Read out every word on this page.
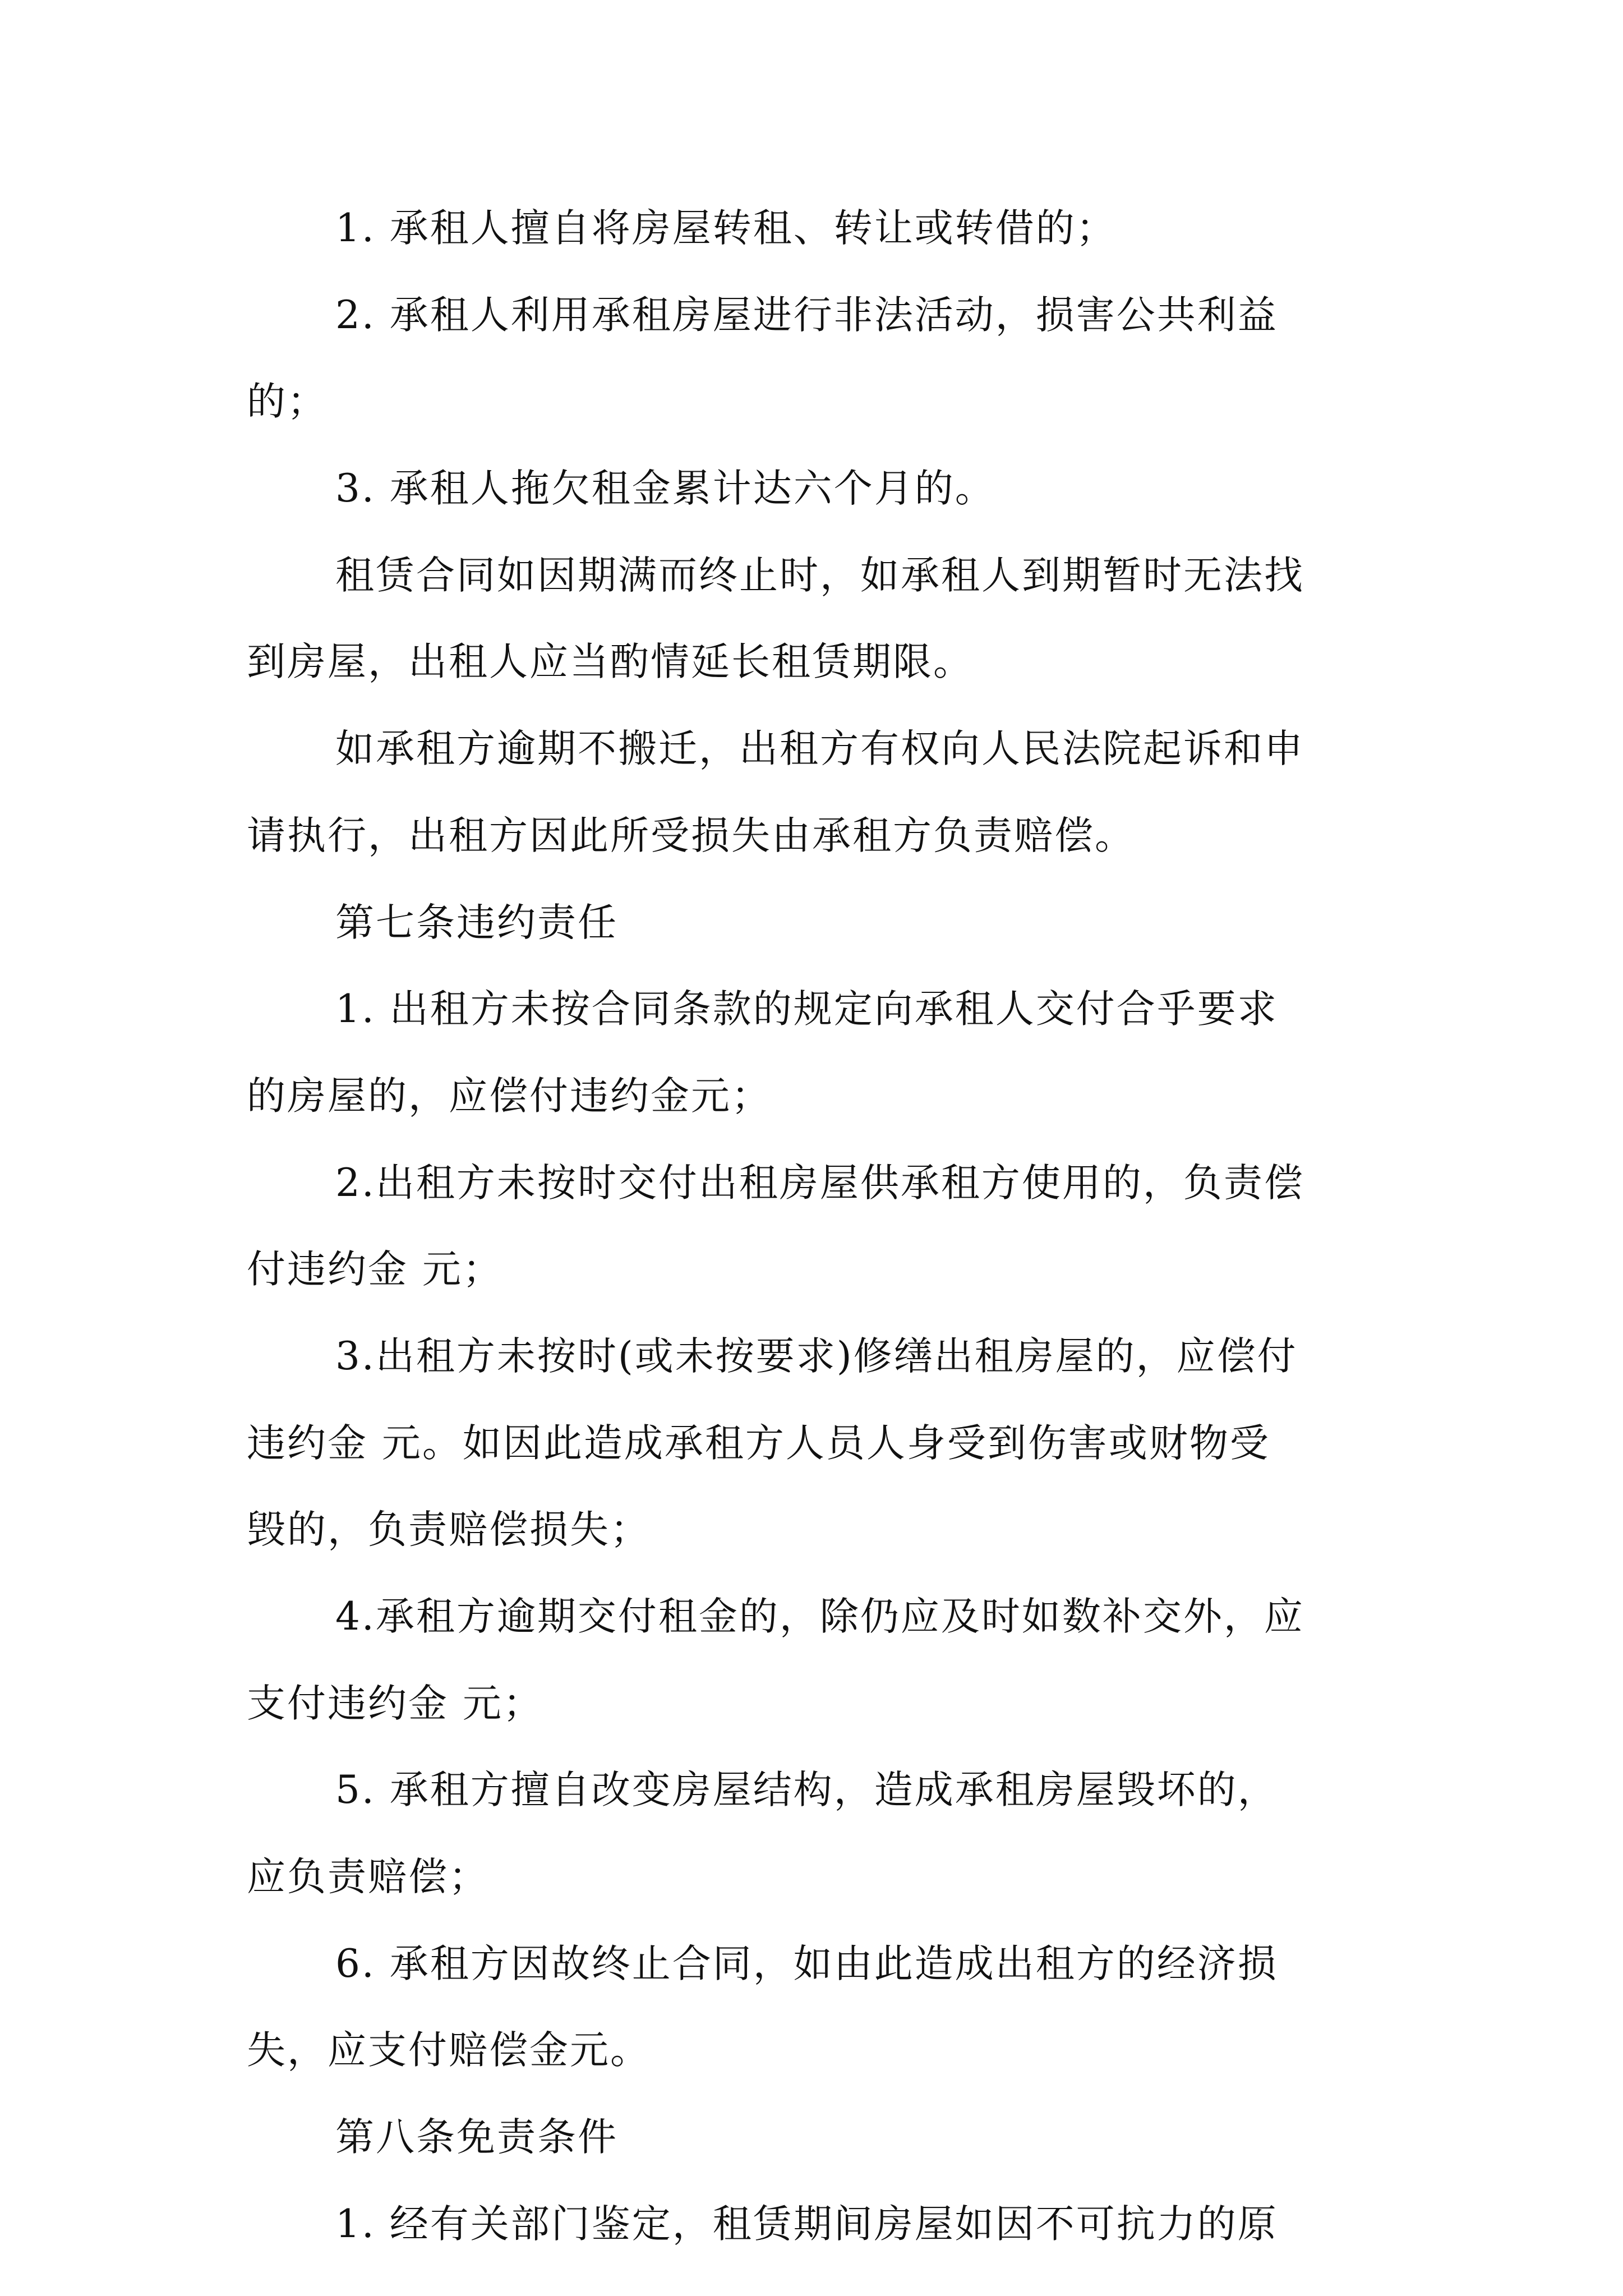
1. 承租人擅自将房屋转租、转让或转借的；
2. 承租人利用承租房屋进行非法活动，损害公共利益
的；
3. 承租人拖欠租金累计达六个月的。
租赁合同如因期满而终止时，如承租人到期暂时无法找
到房屋，出租人应当酌情延长租赁期限。
如承租方逾期不搬迁，出租方有权向人民法院起诉和申
请执行，出租方因此所受损失由承租方负责赔偿。
第七条违约责任
1. 出租方未按合同条款的规定向承租人交付合乎要求
的房屋的，应偿付违约金元；
2.出租方未按时交付出租房屋供承租方使用的，负责偿
付违约金 元；
3.出租方未按时(或未按要求)修缮出租房屋的，应偿付
违约金 元。如因此造成承租方人员人身受到伤害或财物受
毁的，负责赔偿损失；
4.承租方逾期交付租金的，除仍应及时如数补交外，应
支付违约金 元；
5. 承租方擅自改变房屋结构，造成承租房屋毁坏的，
应负责赔偿；
6. 承租方因故终止合同，如由此造成出租方的经济损
失，应支付赔偿金元。
第八条免责条件
1. 经有关部门鉴定，租赁期间房屋如因不可抗力的原
